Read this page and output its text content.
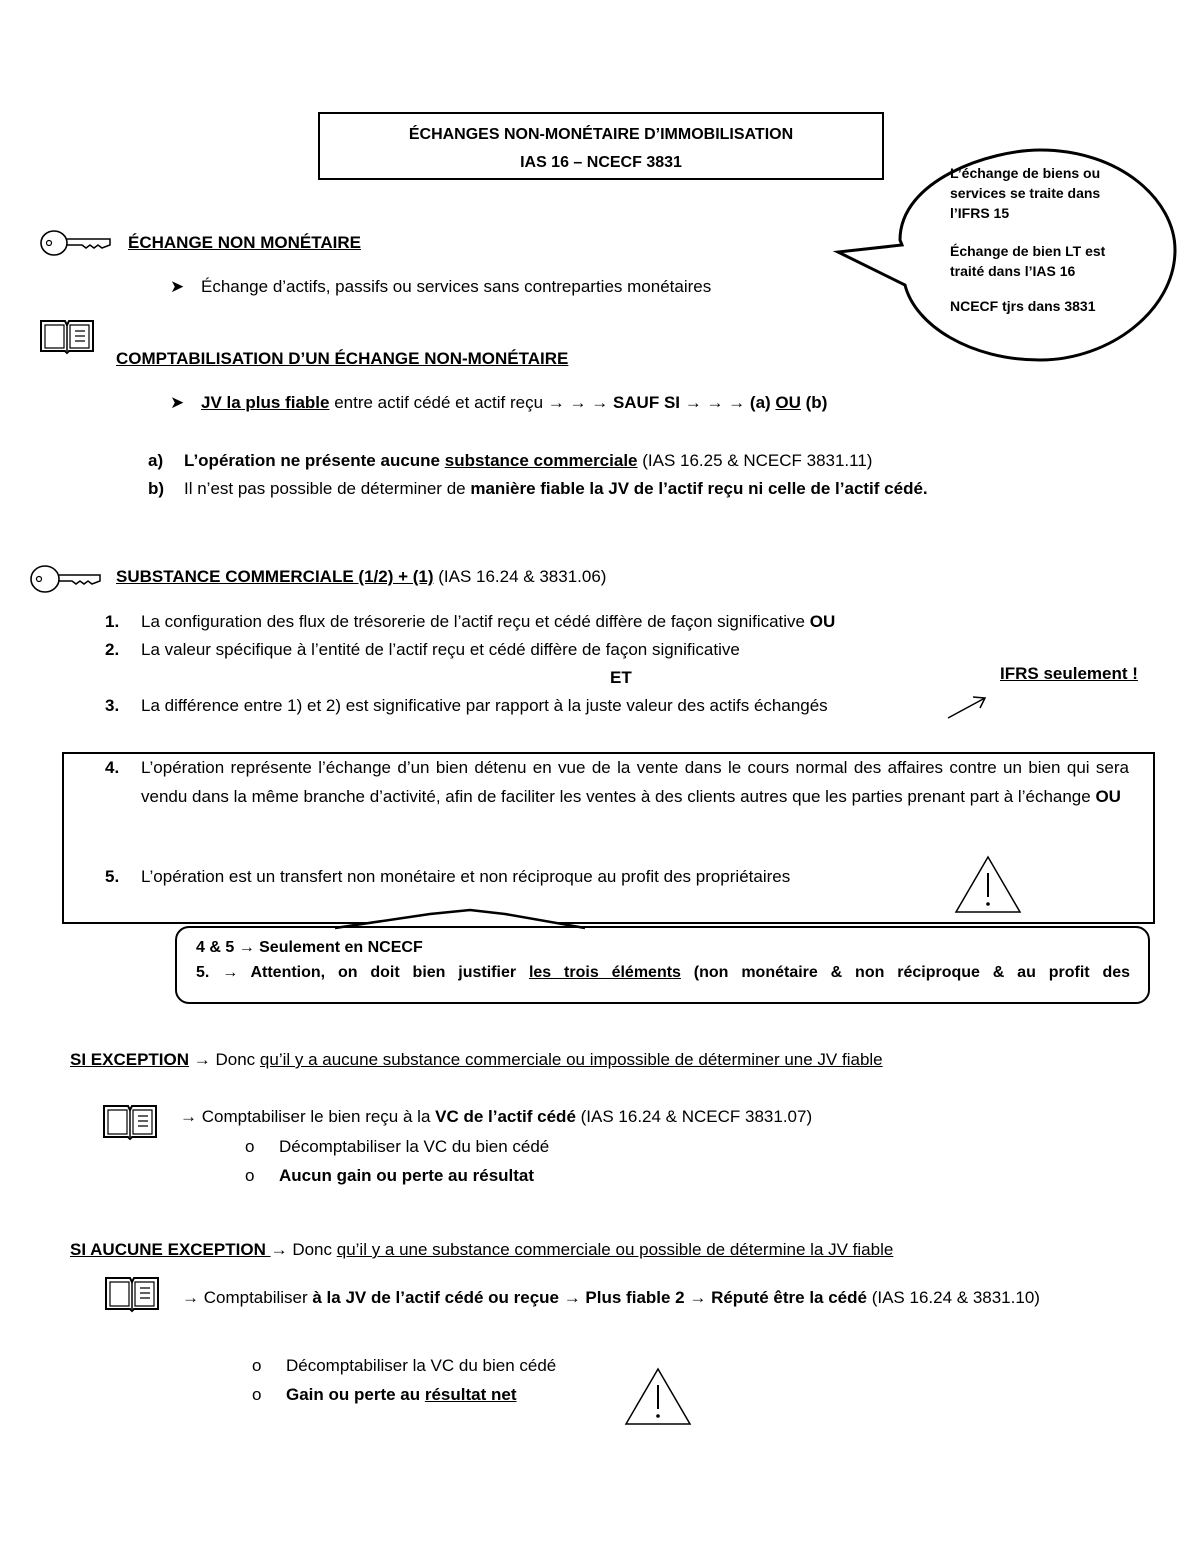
ÉCHANGES NON-MONÉTAIRE D’IMMOBILISATION
IAS 16 – NCECF 3831
L’échange de biens ou services se traite dans l’IFRS 15
Échange de bien LT est traité dans l’IAS 16
NCECF tjrs dans 3831
ÉCHANGE NON MONÉTAIRE
➤ Échange d’actifs, passifs ou services sans contreparties monétaires
COMPTABILISATION D’UN ÉCHANGE NON-MONÉTAIRE
➤ JV la plus fiable entre actif cédé et actif reçu → → → SAUF SI → → → (a) OU (b)
a) L’opération ne présente aucune substance commerciale (IAS 16.25 & NCECF 3831.11)
b) Il n’est pas possible de déterminer de manière fiable la JV de l’actif reçu ni celle de l’actif cédé.
SUBSTANCE COMMERCIALE (1/2) + (1) (IAS 16.24 & 3831.06)
1. La configuration des flux de trésorerie de l’actif reçu et cédé diffère de façon significative OU
2. La valeur spécifique à l’entité de l’actif reçu et cédé diffère de façon significative
ET	IFRS seulement !
3. La différence entre 1) et 2) est significative par rapport à la juste valeur des actifs échangés
4.	L’opération représente l’échange d’un bien détenu en vue de la vente dans le cours normal des affaires contre un bien qui sera vendu dans la même branche d’activité, afin de faciliter les ventes à des clients autres que les parties prenant part à l’échange OU
5. L’opération est un transfert non monétaire et non réciproque au profit des propriétaires
4 & 5 → Seulement en NCECF
5. → Attention, on doit bien justifier les trois éléments (non monétaire & non réciproque & au profit des
SI EXCEPTION → Donc qu’il y a aucune substance commerciale ou impossible de déterminer une JV fiable
→ Comptabiliser le bien reçu à la VC de l’actif cédé (IAS 16.24 & NCECF 3831.07)
o Décomptabiliser la VC du bien cédé
o Aucun gain ou perte au résultat
SI AUCUNE EXCEPTION → Donc qu’il y a une substance commerciale ou possible de détermine la JV fiable
→ Comptabiliser à la JV de l’actif cédé ou reçue → Plus fiable 2 → Réputé être la cédé (IAS 16.24 & 3831.10)
o Décomptabiliser la VC du bien cédé
o Gain ou perte au résultat net
